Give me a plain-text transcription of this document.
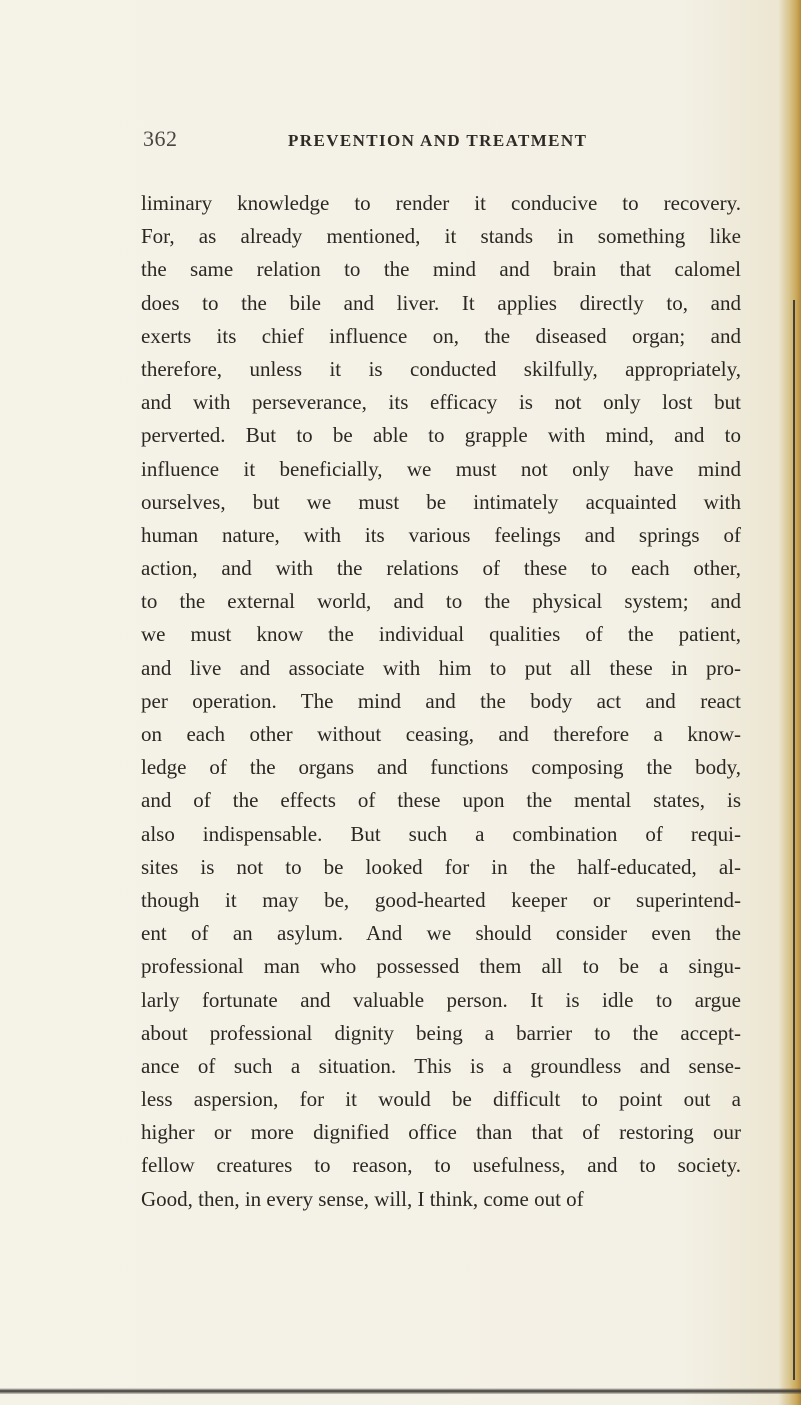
362	PREVENTION AND TREATMENT
liminary knowledge to render it conducive to recovery.
For, as already mentioned, it stands in something like
the same relation to the mind and brain that calomel
does to the bile and liver. It applies directly to, and
exerts its chief influence on, the diseased organ; and
therefore, unless it is conducted skilfully, appropriately,
and with perseverance, its efficacy is not only lost but
perverted. But to be able to grapple with mind, and to
influence it beneficially, we must not only have mind
ourselves, but we must be intimately acquainted with
human nature, with its various feelings and springs of
action, and with the relations of these to each other,
to the external world, and to the physical system; and
we must know the individual qualities of the patient,
and live and associate with him to put all these in pro-
per operation. The mind and the body act and react
on each other without ceasing, and therefore a know-
ledge of the organs and functions composing the body,
and of the effects of these upon the mental states, is
also indispensable. But such a combination of requi-
sites is not to be looked for in the half-educated, al-
though it may be, good-hearted keeper or superintend-
ent of an asylum. And we should consider even the
professional man who possessed them all to be a singu-
larly fortunate and valuable person. It is idle to argue
about professional dignity being a barrier to the accept-
ance of such a situation. This is a groundless and sense-
less aspersion, for it would be difficult to point out a
higher or more dignified office than that of restoring our
fellow creatures to reason, to usefulness, and to society.
Good, then, in every sense, will, I think, come out of
